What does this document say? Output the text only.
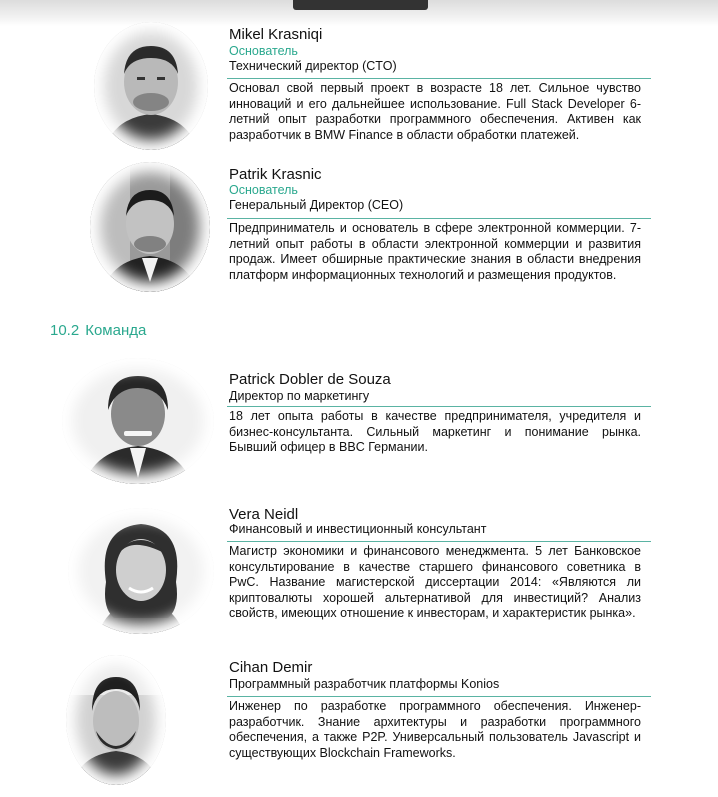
Mikel Krasniqi
Основатель
Технический директор (CTO)
Основал свой первый проект в возрасте 18 лет. Сильное чувство инноваций и его дальнейшее использование. Full Stack Developer 6-летний опыт разработки программного обеспечения. Активен как разработчик в BMW Finance в области обработки платежей.
Patrik Krasnic
Основатель
Генеральный Директор (CEO)
Предприниматель и основатель в сфере электронной коммерции. 7-летний опыт работы в области электронной коммерции и развития продаж. Имеет обширные практические знания в области внедрения платформ информационных технологий и размещения продуктов.
10.2 Команда
Patrick Dobler de Souza
Директор по маркетингу
18 лет опыта работы в качестве предпринимателя, учредителя и бизнес-консультанта. Сильный маркетинг и понимание рынка. Бывший офицер в BBC Германии.
Vera Neidl
Финансовый и инвестиционный консультант
Магистр экономики и финансового менеджмента. 5 лет Банковское консультирование в качестве старшего финансового советника в PwC. Название магистерской диссертации 2014: «Являются ли криптовалюты хорошей альтернативой для инвестиций? Анализ свойств, имеющих отношение к инвесторам, и характеристик рынка».
Cihan Demir
Программный разработчик платформы Konios
Инженер по разработке программного обеспечения. Инженер-разработчик. Знание архитектуры и разработки программного обеспечения, а также P2P. Универсальный пользователь Javascript и существующих Blockchain Frameworks.
